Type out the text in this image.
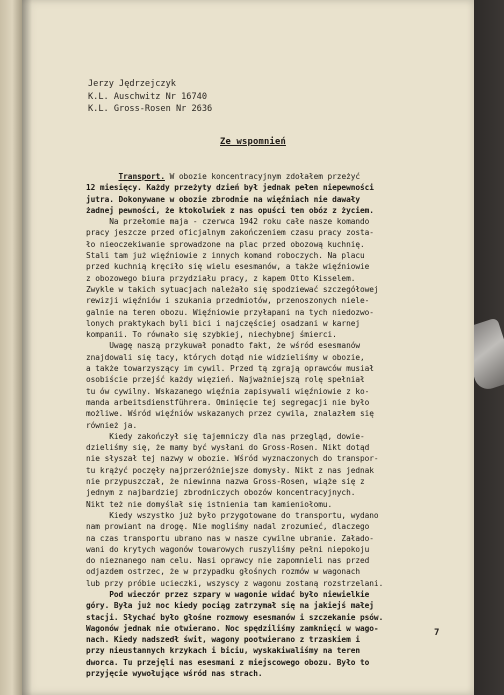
Jerzy Jędrzejczyk
K.L. Auschwitz Nr 16740
K.L. Gross-Rosen Nr 2636
Ze wspomnień
Transport. W obozie koncentracyjnym zdołałem przeżyć
12 miesięcy. Każdy przeżyty dzień był jednak pełen niepewności
jutra. Dokonywane w obozie zbrodnie na więźniach nie dawały
żadnej pewności, że ktokolwiek z nas opuści ten obóz z życiem.
Na przełomie maja - czerwca 1942 roku całe nasze komando
pracy jeszcze przed oficjalnym zakończeniem czasu pracy zosta-
ło nieoczekiwanie sprowadzone na plac przed obozową kuchnię.
Stali tam już więźniowie z innych komand roboczych. Na placu
przed kuchnią kręciło się wielu esesmanów, a także więźniowie
z obozowego biura przydziału pracy, z kapem Otto Kisselem.
Zwykle w takich sytuacjach należało się spodziewać szczegółowej
rewizji więźniów i szukania przedmiotów, przenoszonych niele-
galnie na teren obozu. Więźniowie przyłapani na tych niedozwo-
lonych praktykach byli bici i najczęściej osadzani w karnej
kompanii. To równało się szybkiej, niechybnej śmierci.
Uwagę naszą przykuwał ponadto fakt, że wśród esesmanów
znajdowali się tacy, których dotąd nie widzieliśmy w obozie,
a także towarzyszący im cywil. Przed tą zgrają oprawców musiał
osobiście przejść każdy więzień. Najważniejszą rolę spełniał
tu ów cywilny. Wskazanego więźnia zapisywali więźniowie z ko-
manda arbeitsdienstführera. Ominięcie tej segregacji nie było
możliwe. Wśród więźniów wskazanych przez cywila, znalazłem się
również ja.
Kiedy zakończył się tajemniczy dla nas przegląd, dowie-
dzieliśmy się, że mamy być wysłani do Gross-Rosen. Nikt dotąd
nie słyszał tej nazwy w obozie. Wśród wyznaczonych do transpor-
tu krążyć poczęły najprzeróżniejsze domysły. Nikt z nas jednak
nie przypuszczał, że niewinna nazwa Gross-Rosen, wiąże się z
jednym z najbardziej zbrodniczych obozów koncentracyjnych.
Nikt też nie domyślał się istnienia tam kamieniołomu.
Kiedy wszystko już było przygotowane do transportu, wydano
nam prowiant na drogę. Nie mogliśmy nadal zrozumieć, dlaczego
na czas transportu ubrano nas w nasze cywilne ubranie. Załado-
wani do krytych wagonów towarowych ruszyliśmy pełni niepokoju
do nieznanego nam celu. Nasi oprawcy nie zapomnieli nas przed
odjazdem ostrzec, że w przypadku głośnych rozmów w wagonach
lub przy próbie ucieczki, wszyscy z wagonu zostaną rozstrzelani.
Pod wieczór przez szpary w wagonie widać było niewielkie
góry. Była już noc kiedy pociąg zatrzymał się na jakiejś małej
stacji. Słychać było głośne rozmowy esesmanów i szczekanie psów.
Wagonów jednak nie otwierano. Noc spędziliśmy zamknięci w wago-
nach. Kiedy nadszedł świt, wagony pootwierano z trzaskiem i
przy nieustannych krzykach i biciu, wyskakiwaliśmy na teren
dworca. Tu przejęli nas esesmani z miejscowego obozu. Było to
przyjęcie wywołujące wśród nas strach.
7
